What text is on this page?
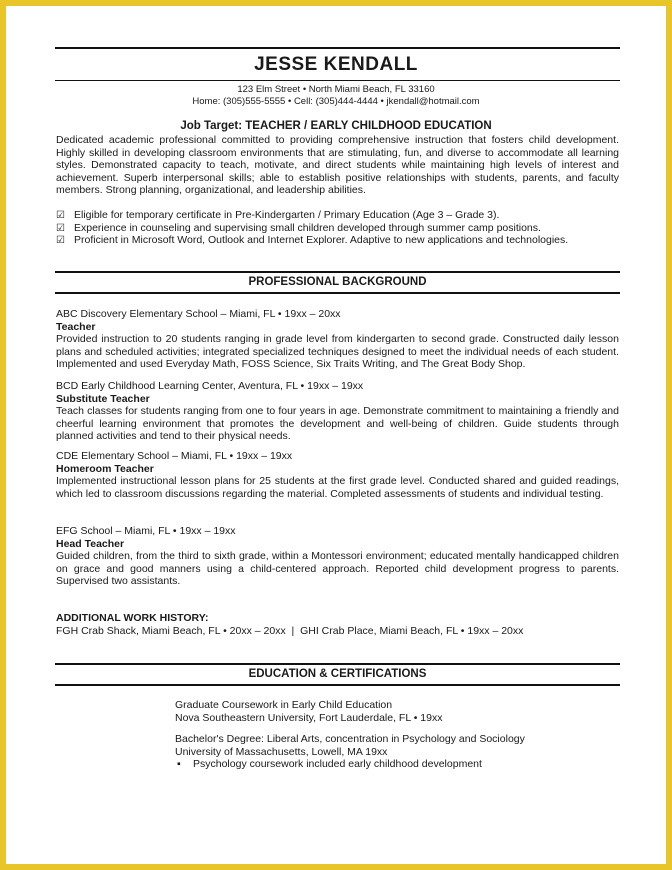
JESSE KENDALL
123 Elm Street • North Miami Beach, FL 33160
Home: (305)555-5555 • Cell: (305)444-4444 • jkendall@hotmail.com
Job Target: TEACHER / EARLY CHILDHOOD EDUCATION

Dedicated academic professional committed to providing comprehensive instruction that fosters child development. Highly skilled in developing classroom environments that are stimulating, fun, and diverse to accommodate all learning styles. Demonstrated capacity to teach, motivate, and direct students while maintaining high levels of interest and achievement. Superb interpersonal skills; able to establish positive relationships with students, parents, and faculty members. Strong planning, organizational, and leadership abilities.

☑ Eligible for temporary certificate in Pre-Kindergarten / Primary Education (Age 3 – Grade 3).
☑ Experience in counseling and supervising small children developed through summer camp positions.
☑ Proficient in Microsoft Word, Outlook and Internet Explorer. Adaptive to new applications and technologies.
PROFESSIONAL BACKGROUND
ABC Discovery Elementary School – Miami, FL • 19xx – 20xx
Teacher
Provided instruction to 20 students ranging in grade level from kindergarten to second grade. Constructed daily lesson plans and scheduled activities; integrated specialized techniques designed to meet the individual needs of each student. Implemented and used Everyday Math, FOSS Science, Six Traits Writing, and The Great Body Shop.
BCD Early Childhood Learning Center, Aventura, FL • 19xx – 19xx
Substitute Teacher
Teach classes for students ranging from one to four years in age. Demonstrate commitment to maintaining a friendly and cheerful learning environment that promotes the development and well-being of children. Guide students through planned activities and tend to their physical needs.
CDE Elementary School – Miami, FL • 19xx – 19xx
Homeroom Teacher
Implemented instructional lesson plans for 25 students at the first grade level. Conducted shared and guided readings, which led to classroom discussions regarding the material. Completed assessments of students and individual testing.
EFG School – Miami, FL • 19xx – 19xx
Head Teacher
Guided children, from the third to sixth grade, within a Montessori environment; educated mentally handicapped children on grace and good manners using a child-centered approach. Reported child development progress to parents. Supervised two assistants.
ADDITIONAL WORK HISTORY:
FGH Crab Shack, Miami Beach, FL • 20xx – 20xx  |  GHI Crab Place, Miami Beach, FL • 19xx – 20xx
EDUCATION & CERTIFICATIONS
Graduate Coursework in Early Child Education
Nova Southeastern University, Fort Lauderdale, FL • 19xx
Bachelor's Degree: Liberal Arts, concentration in Psychology and Sociology
University of Massachusetts, Lowell, MA 19xx
▪ Psychology coursework included early childhood development
